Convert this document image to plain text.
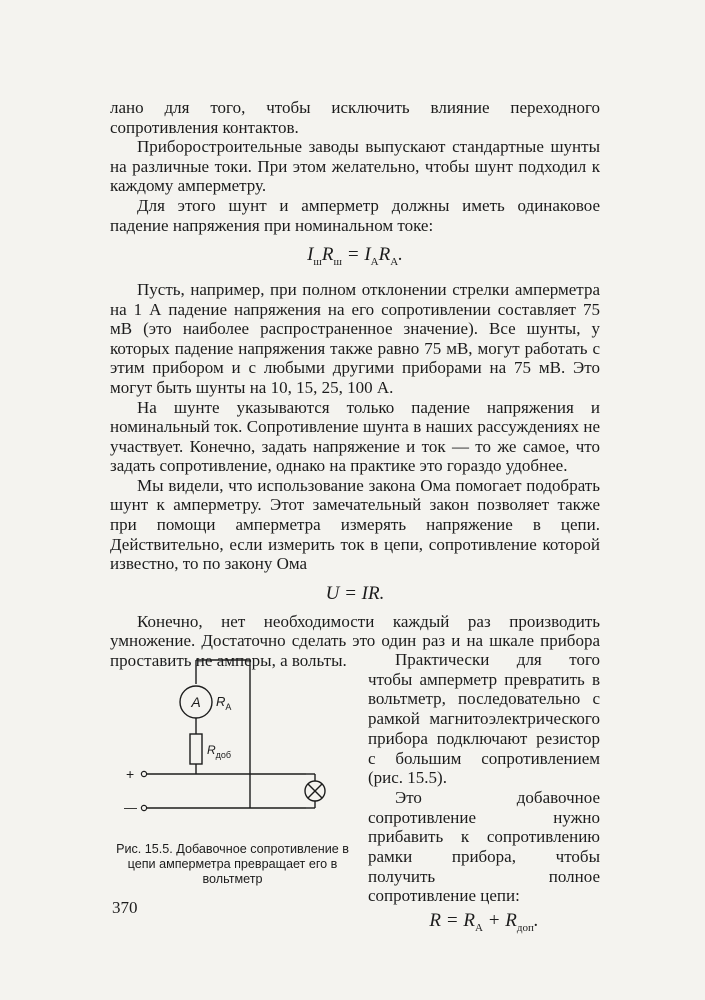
лано для того, чтобы исключить влияние переходного сопротивления контактов.

Приборостроительные заводы выпускают стандартные шунты на различные токи. При этом желательно, чтобы шунт подходил к каждому амперметру.

Для этого шунт и амперметр должны иметь одинаковое падение напряжения при номинальном токе:

$I_шR_ш = I_АR_А$.

Пусть, например, при полном отклонении стрелки амперметра на 1 А падение напряжения на его сопротивлении составляет 75 мВ (это наиболее распространенное значение). Все шунты, у которых падение напряжения также равно 75 мВ, могут работать с этим прибором и с любыми другими приборами на 75 мВ. Это могут быть шунты на 10, 15, 25, 100 А.

На шунте указываются только падение напряжения и номинальный ток. Сопротивление шунта в наших рассуждениях не участвует. Конечно, задать напряжение и ток — то же самое, что задать сопротивление, однако на практике это гораздо удобнее.

Мы видели, что использование закона Ома помогает подобрать шунт к амперметру. Этот замечательный закон позволяет также при помощи амперметра измерять напряжение в цепи. Действительно, если измерить ток в цепи, сопротивление которой известно, то по закону Ома

U = IR.

Конечно, нет необходимости каждый раз производить умножение. Достаточно сделать это один раз и на шкале прибора проставить не амперы, а вольты.

A $R_А$
$R_{доб}$
+
—
Рис. 15.5. Добавочное сопротивление в цепи амперметра превращает его в вольтметр

Практически для того чтобы амперметр превратить в вольтметр, последовательно с рамкой магнитоэлектрического прибора подключают резистор с большим сопротивлением (рис. 15.5).

Это добавочное сопротивление нужно прибавить к сопротивлению рамки прибора, чтобы получить полное сопротивление цепи:

$R = R_А + R_{доп}$.
370
